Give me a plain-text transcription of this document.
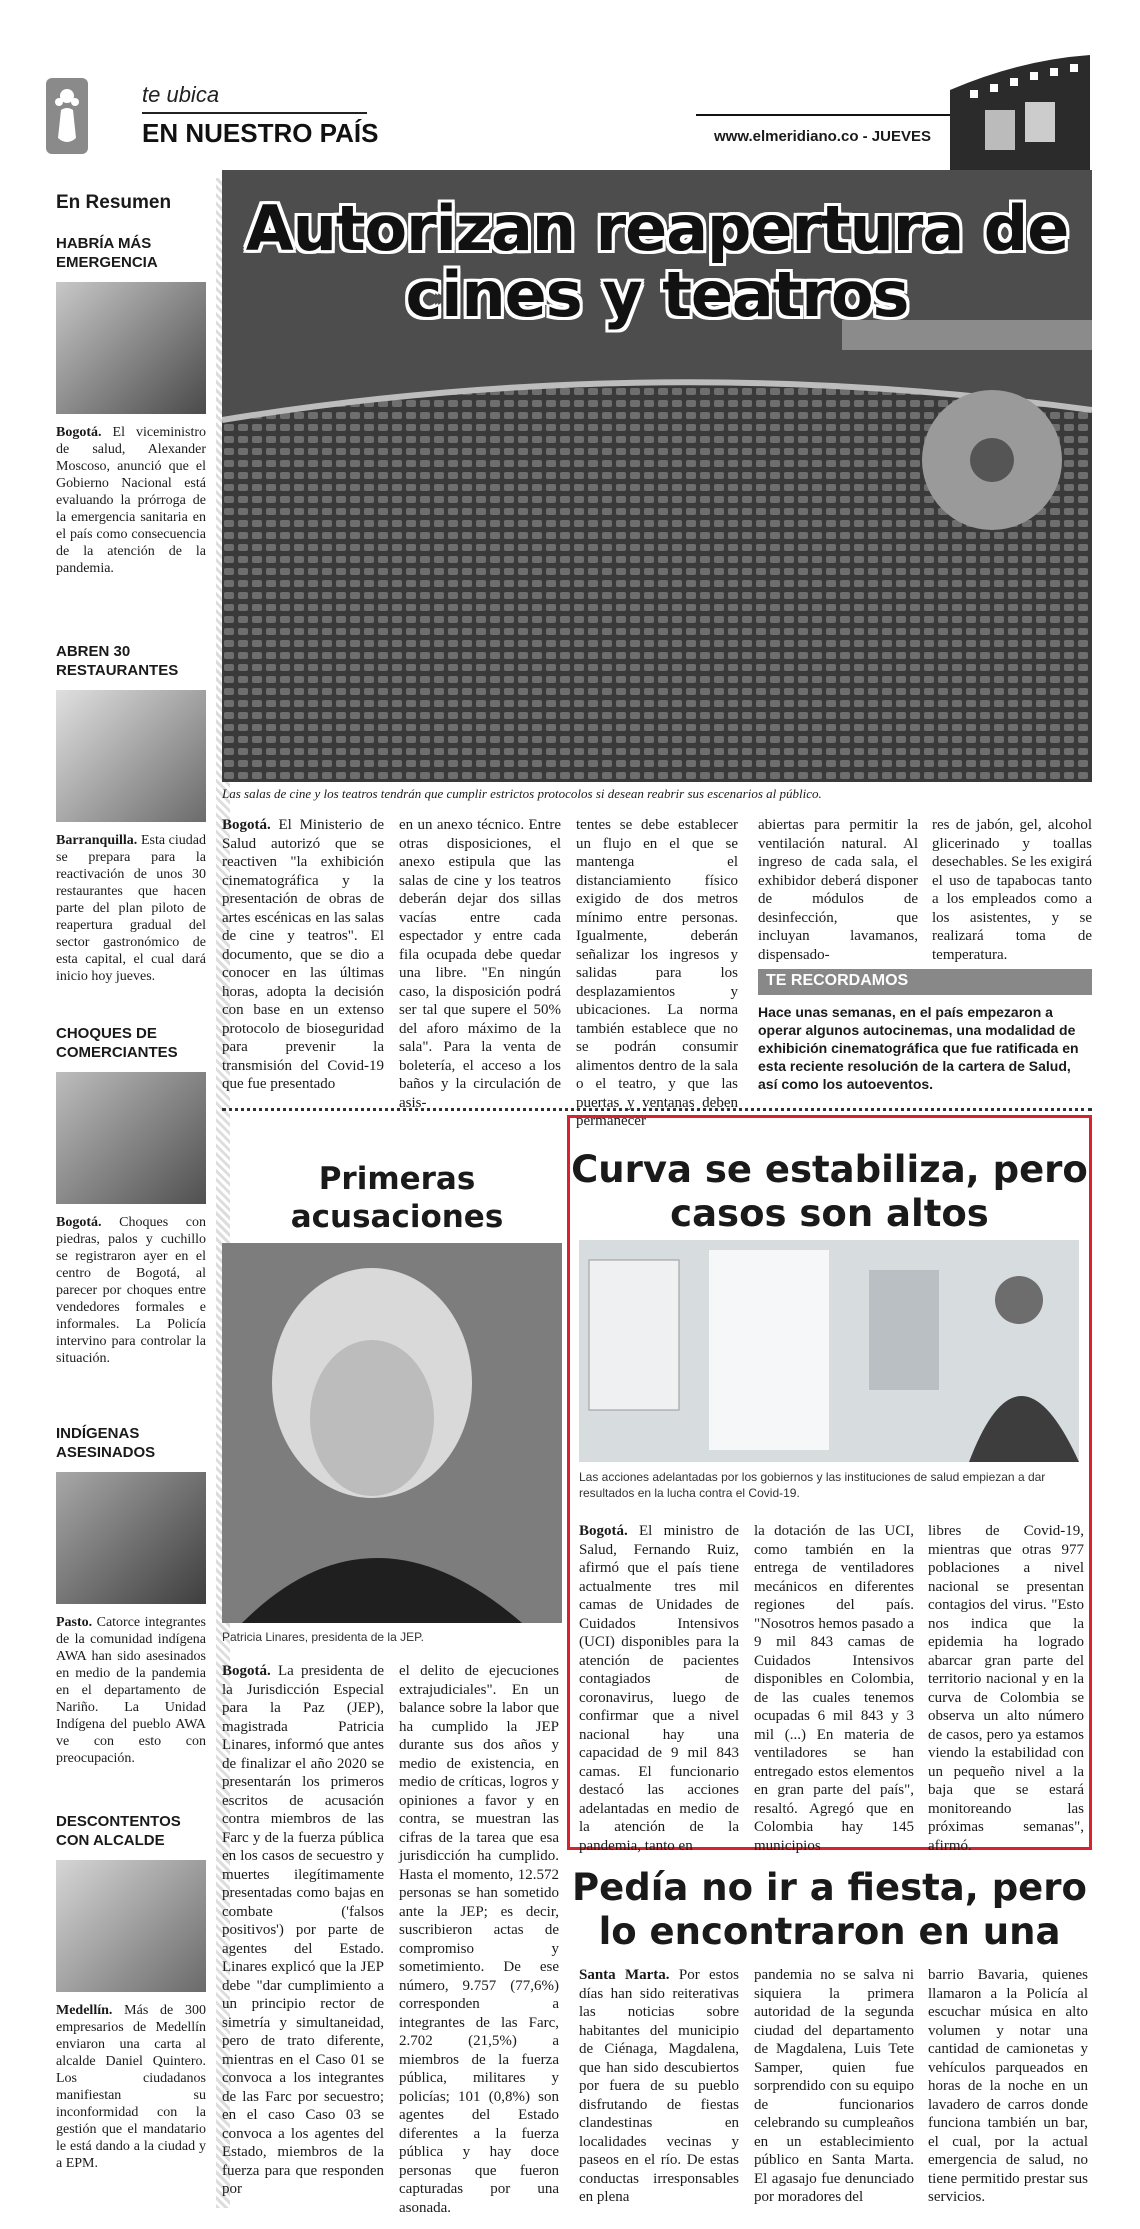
te ubica
EN NUESTRO PAÍS	www.elmeridiano.co - JUEVES
En Resumen
HABRÍA MÁS EMERGENCIA
Bogotá. El viceministro de salud, Alexander Moscoso, anunció que el Gobierno Nacional está evaluando la prórroga de la emergencia sanitaria en el país como consecuencia de la atención de la pandemia.
ABREN 30 RESTAURANTES
Barranquilla. Esta ciudad se prepara para la reactivación de unos 30 restaurantes que hacen parte del plan piloto de reapertura gradual del sector gastronómico de esta capital, el cual dará inicio hoy jueves.
CHOQUES DE COMERCIANTES
Bogotá. Choques con piedras, palos y cuchillo se registraron ayer en el centro de Bogotá, al parecer por choques entre vendedores formales e informales. La Policía intervino para controlar la situación.
INDÍGENAS ASESINADOS
Pasto. Catorce integrantes de la comunidad indígena AWA han sido asesinados en medio de la pandemia en el departamento de Nariño. La Unidad Indígena del pueblo AWA ve con esto con preocupación.
DESCONTENTOS CON ALCALDE
Medellín. Más de 300 empresarios de Medellín enviaron una carta al alcalde Daniel Quintero. Los ciudadanos manifiestan su inconformidad con la gestión que el mandatario le está dando a la ciudad y a EPM.
Autorizan reapertura de cines y teatros
Las salas de cine y los teatros tendrán que cumplir estrictos protocolos si desean reabrir sus escenarios al público.
Bogotá. El Ministerio de Salud autorizó que se reactiven "la exhibición cinematográfica y la presentación de obras de artes escénicas en las salas de cine y teatros". El documento, que se dio a conocer en las últimas horas, adopta la decisión con base en un extenso protocolo de bioseguridad para prevenir la transmisión del Covid-19 que fue presentado
en un anexo técnico. Entre otras disposiciones, el anexo estipula que las salas de cine y los teatros deberán dejar dos sillas vacías entre cada espectador y entre cada fila ocupada debe quedar una libre. "En ningún caso, la disposición podrá ser tal que supere el 50% del aforo máximo de la sala". Para la venta de boletería, el acceso a los baños y la circulación de asis-
tentes se debe establecer un flujo en el que se mantenga el distanciamiento físico exigido de dos metros mínimo entre personas. Igualmente, deberán señalizar los ingresos y salidas para los desplazamientos y ubicaciones. La norma también establece que no se podrán consumir alimentos dentro de la sala o el teatro, y que las puertas y ventanas deben permanecer
abiertas para permitir la ventilación natural. Al ingreso de cada sala, el exhibidor deberá disponer de módulos de desinfección, que incluyan lavamanos, dispensado-
res de jabón, gel, alcohol glicerinado y toallas desechables. Se les exigirá el uso de tapabocas tanto a los empleados como a los asistentes, y se realizará toma de temperatura.
TE RECORDAMOS
Hace unas semanas, en el país empezaron a operar algunos autocinemas, una modalidad de exhibición cinematográfica que fue ratificada en esta reciente resolución de la cartera de Salud, así como los autoeventos.
Primeras acusaciones
Patricia Linares, presidenta de la JEP.
Bogotá. La presidenta de la Jurisdicción Especial para la Paz (JEP), magistrada Patricia Linares, informó que antes de finalizar el año 2020 se presentarán los primeros escritos de acusación contra miembros de las Farc y de la fuerza pública en los casos de secuestro y muertes ilegítimamente presentadas como bajas en combate ('falsos positivos') por parte de agentes del Estado. Linares explicó que la JEP debe "dar cumplimiento a un principio rector de simetría y simultaneidad, pero de trato diferente, mientras en el Caso 01 se convoca a los integrantes de las Farc por secuestro; en el caso Caso 03 se convoca a los agentes del Estado, miembros de la fuerza para que responden por
el delito de ejecuciones extrajudiciales". En un balance sobre la labor que ha cumplido la JEP durante sus dos años y medio de existencia, en medio de críticas, logros y opiniones a favor y en contra, se muestran las cifras de la tarea que esa jurisdicción ha cumplido. Hasta el momento, 12.572 personas se han sometido ante la JEP; es decir, suscribieron actas de compromiso y sometimiento. De ese número, 9.757 (77,6%) corresponden a integrantes de las Farc, 2.702 (21,5%) a miembros de la fuerza pública, militares y policías; 101 (0,8%) son agentes del Estado diferentes a la fuerza pública y hay doce personas que fueron capturadas por una asonada.
Curva se estabiliza, pero casos son altos
Las acciones adelantadas por los gobiernos y las instituciones de salud empiezan a dar resultados en la lucha contra el Covid-19.
Bogotá. El ministro de Salud, Fernando Ruiz, afirmó que el país tiene actualmente tres mil camas de Unidades de Cuidados Intensivos (UCI) disponibles para la atención de pacientes contagiados de coronavirus, luego de confirmar que a nivel nacional hay una capacidad de 9 mil 843 camas. El funcionario destacó las acciones adelantadas en medio de la atención de la pandemia, tanto en
la dotación de las UCI, como también en la entrega de ventiladores mecánicos en diferentes regiones del país. "Nosotros hemos pasado a 9 mil 843 camas de Cuidados Intensivos disponibles en Colombia, de las cuales tenemos ocupadas 6 mil 843 y 3 mil (...) En materia de ventiladores se han entregado estos elementos en gran parte del país", resaltó. Agregó que en Colombia hay 145 municipios
libres de Covid-19, mientras que otras 977 poblaciones a nivel nacional se presentan contagios del virus. "Esto nos indica que la epidemia ha logrado abarcar gran parte del territorio nacional y en la curva de Colombia se observa un alto número de casos, pero ya estamos viendo la estabilidad con un pequeño nivel a la baja que se estará monitoreando las próximas semanas", afirmó.
Pedía no ir a fiesta, pero lo encontraron en una
Santa Marta. Por estos días han sido reiterativas las noticias sobre habitantes del municipio de Ciénaga, Magdalena, que han sido descubiertos por fuera de su pueblo disfrutando de fiestas clandestinas en localidades vecinas y paseos en el río. De estas conductas irresponsables en plena
pandemia no se salva ni siquiera la primera autoridad de la segunda ciudad del departamento de Magdalena, Luis Tete Samper, quien fue sorprendido con su equipo de funcionarios celebrando su cumpleaños en un establecimiento público en Santa Marta. El agasajo fue denunciado por moradores del
barrio Bavaria, quienes llamaron a la Policía al escuchar música en alto volumen y notar una cantidad de camionetas y vehículos parqueados en horas de la noche en un lavadero de carros donde funciona también un bar, el cual, por la actual emergencia de salud, no tiene permitido prestar sus servicios.
